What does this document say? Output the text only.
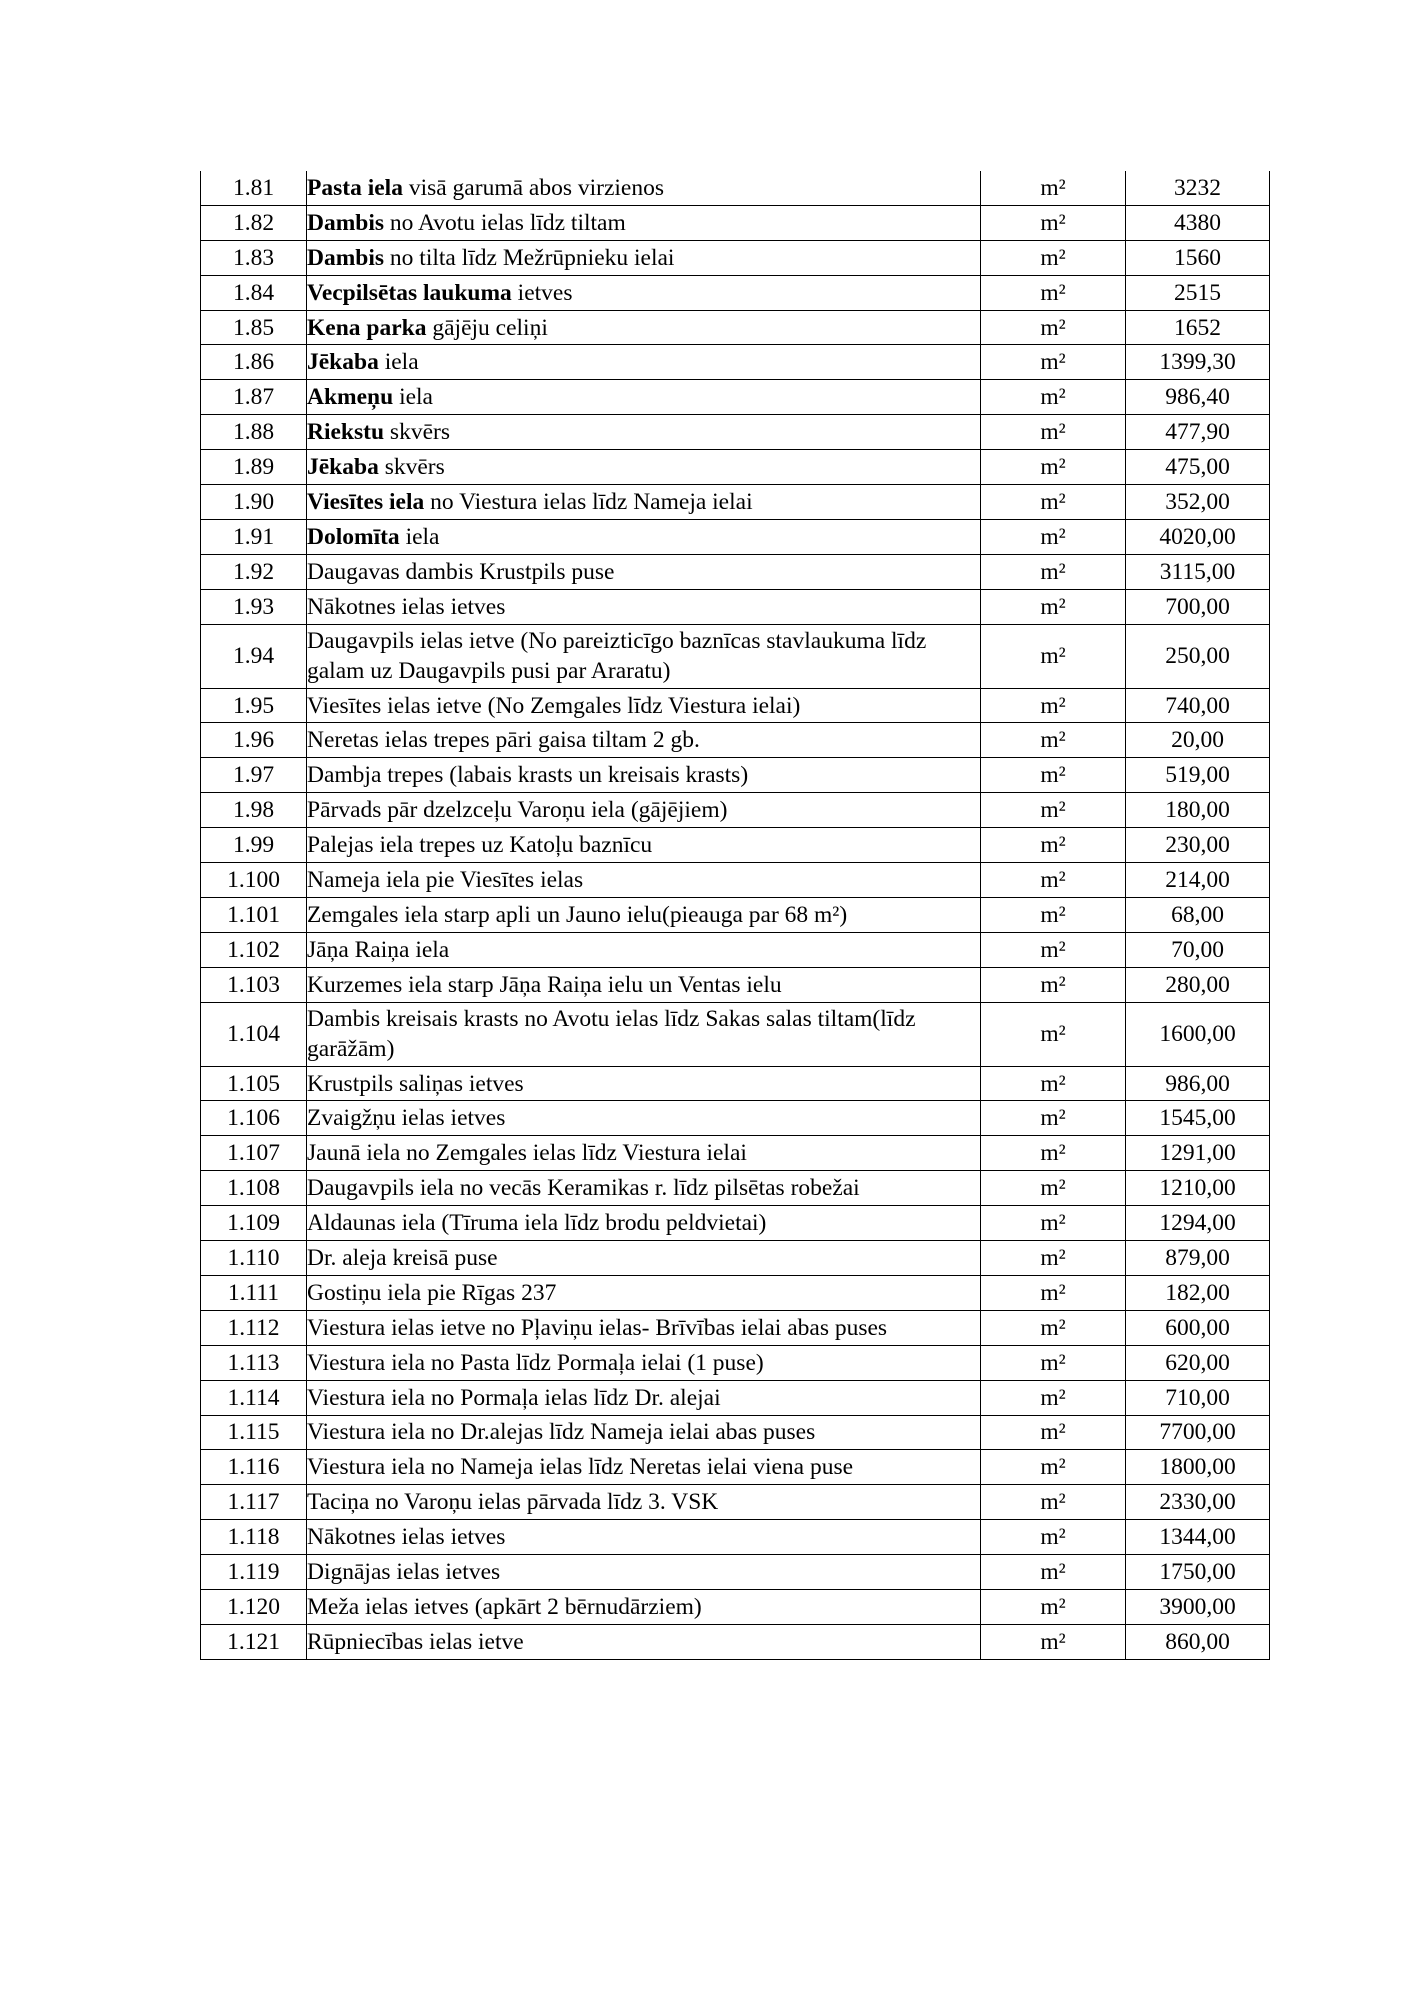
1.81	Pasta iela visā garumā abos virzienos	m²	3232
1.82	Dambis no Avotu ielas līdz tiltam	m²	4380
1.83	Dambis no tilta līdz Mežrūpnieku ielai	m²	1560
1.84	Vecpilsētas laukuma ietves	m²	2515
1.85	Kena parka gājēju celiņi	m²	1652
1.86	Jēkaba iela	m²	1399,30
1.87	Akmeņu iela	m²	986,40
1.88	Riekstu skvērs	m²	477,90
1.89	Jēkaba skvērs	m²	475,00
1.90	Viesītes iela no Viestura ielas līdz Nameja ielai	m²	352,00
1.91	Dolomīta iela	m²	4020,00
1.92	Daugavas dambis Krustpils puse	m²	3115,00
1.93	Nākotnes ielas ietves	m²	700,00
1.94	Daugavpils ielas ietve (No pareizticīgo baznīcas stavlaukuma līdz galam uz Daugavpils pusi par Araratu)	m²	250,00
1.95	Viesītes ielas ietve (No Zemgales līdz Viestura ielai)	m²	740,00
1.96	Neretas ielas trepes pāri gaisa tiltam 2 gb.	m²	20,00
1.97	Dambja trepes (labais krasts un kreisais krasts)	m²	519,00
1.98	Pārvads pār dzelzceļu Varoņu iela (gājējiem)	m²	180,00
1.99	Palejas iela trepes uz Katoļu baznīcu	m²	230,00
1.100	Nameja iela pie Viesītes ielas	m²	214,00
1.101	Zemgales iela starp apli un Jauno ielu(pieauga par 68 m²)	m²	68,00
1.102	Jāņa Raiņa iela	m²	70,00
1.103	Kurzemes iela starp Jāņa Raiņa ielu un Ventas ielu	m²	280,00
1.104	Dambis kreisais krasts no Avotu ielas līdz Sakas salas tiltam(līdz garāžām)	m²	1600,00
1.105	Krustpils saliņas ietves	m²	986,00
1.106	Zvaigžņu ielas ietves	m²	1545,00
1.107	Jaunā iela no Zemgales ielas līdz Viestura ielai	m²	1291,00
1.108	Daugavpils iela no vecās Keramikas r. līdz pilsētas robežai	m²	1210,00
1.109	Aldaunas iela (Tīruma iela līdz brodu peldvietai)	m²	1294,00
1.110	Dr. aleja kreisā puse	m²	879,00
1.111	Gostiņu iela pie Rīgas 237	m²	182,00
1.112	Viestura ielas ietve no Pļaviņu ielas- Brīvības ielai abas puses	m²	600,00
1.113	Viestura iela no Pasta līdz Pormaļa ielai (1 puse)	m²	620,00
1.114	Viestura iela no Pormaļa ielas līdz Dr. alejai	m²	710,00
1.115	Viestura iela no Dr.alejas līdz Nameja ielai abas puses	m²	7700,00
1.116	Viestura iela no Nameja ielas līdz Neretas ielai viena puse	m²	1800,00
1.117	Taciņa no Varoņu ielas pārvada līdz 3. VSK	m²	2330,00
1.118	Nākotnes ielas ietves	m²	1344,00
1.119	Dignājas ielas ietves	m²	1750,00
1.120	Meža ielas ietves (apkārt 2 bērnudārziem)	m²	3900,00
1.121	Rūpniecības ielas ietve	m²	860,00
